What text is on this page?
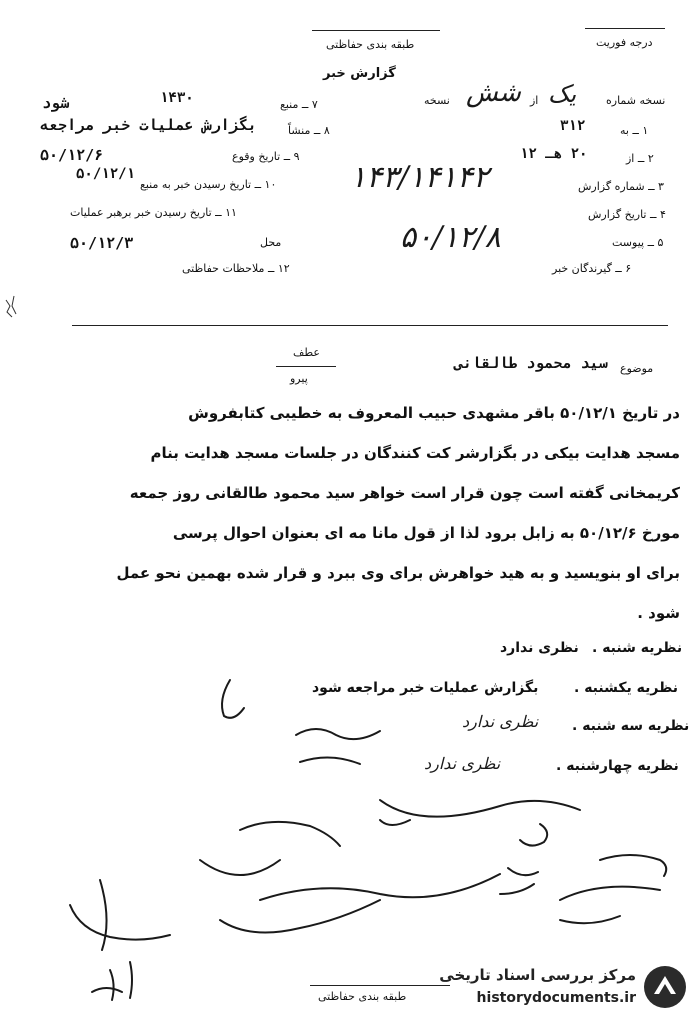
طبقه بندی حفاظتی	درجه فوریت
گزارش خبر
نسخه شماره
یک
از
شش
نسخه
۷ ــ منبع
۱۴۳۰
شود
۸ ــ منشاً
بگزارش عملیات خبر مراجعه
۹ ــ تاریخ وقوع
۵۰/۱۲/۶
۱۰ ــ تاریخ رسیدن خبر به منبع
۵۰/۱۲/۱
۱۱ ــ تاریخ رسیدن خبر برهبر عملیات
محل
۵۰/۱۲/۳
۱۲ ــ ملاحظات حفاظتی
۱ ــ به
۳۱۲
۲ ــ از
۲۰ هـ ۱۲
۳ ــ شماره گزارش
۱۴۳/۱۴۱۴۲
۴ ــ تاریخ گزارش
۵ ــ پیوست
۵۰/۱۲/۸
۶ ــ گیرندگان خبر
عطف
پیرو
موضوع
سید محمود طالقانی
در تاریخ ۵۰/۱۲/۱ باقر مشهدی حبیب المعروف به خطیبی کتابفروش
مسجد هدایت بیکی در بگزارشر کت کنندگان در جلسات مسجد هدایت بنام
کریمخانی گفته است چون قرار است خواهر سید محمود طالقانی روز جمعه
مورخ ۵۰/۱۲/۶ به زابل برود لذا از قول مانا مه ای بعنوان احوال پرسی
برای او بنویسید و به هید خواهرش برای وی ببرد و قرار شده بهمین نحو عمل
شود .
نظریه شنبه .
نظری ندارد
نظریه یکشنبه .
بگزارش عملیات خبر مراجعه شود
نظریه سه شنبه .
نظری ندارد
نظریه چهارشنبه .
نظری ندارد
طبقه بندی حفاظتی
مرکز بررسی اسناد تاریخی
historydocuments.ir
